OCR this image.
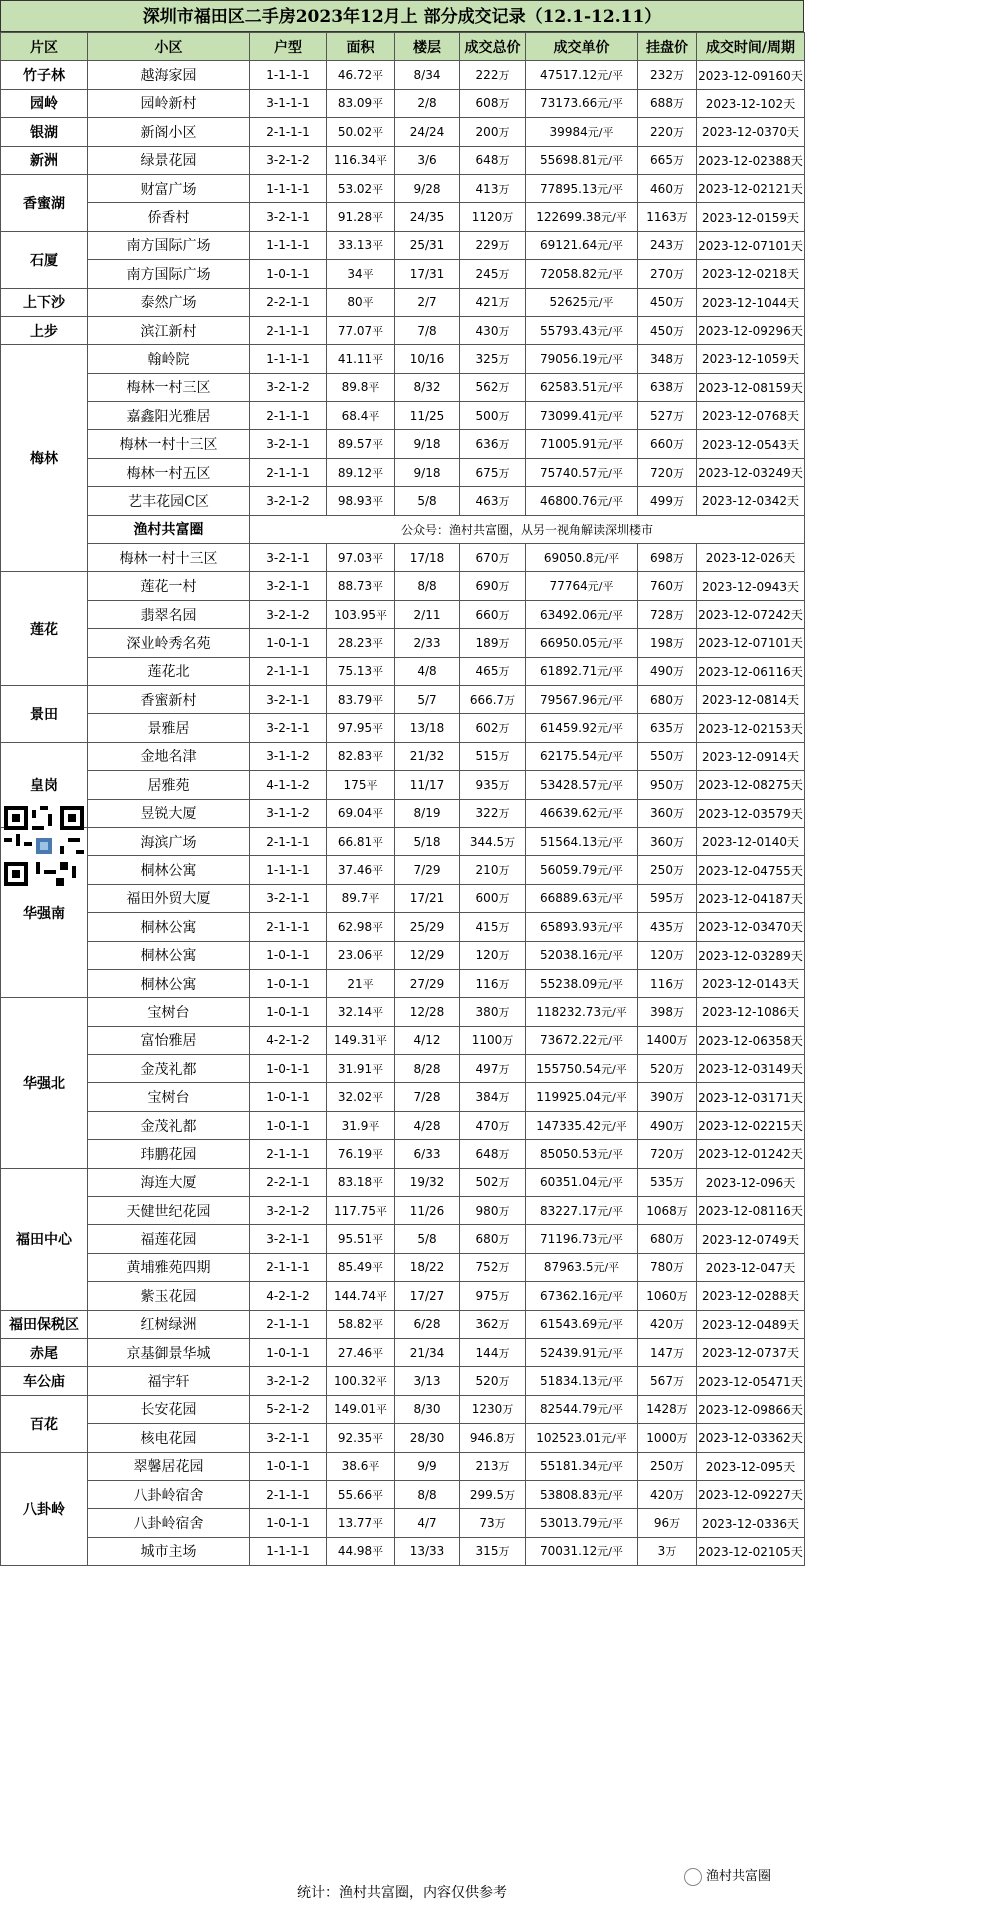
深圳市福田区二手房2023年12月上 部分成交记录（12.1-12.11）
片区	小区	户型	面积	楼层	成交总价	成交单价	挂盘价	成交时间/周期
竹子林	越海家园	1-1-1-1	46.72平	8/34	222万	47517.12元/平	232万	2023-12-09160天
园岭	园岭新村	3-1-1-1	83.09平	2/8	608万	73173.66元/平	688万	2023-12-102天
银湖	新阁小区	2-1-1-1	50.02平	24/24	200万	39984元/平	220万	2023-12-0370天
新洲	绿景花园	3-2-1-2	116.34平	3/6	648万	55698.81元/平	665万	2023-12-02388天
香蜜湖	财富广场	1-1-1-1	53.02平	9/28	413万	77895.13元/平	460万	2023-12-02121天
	侨香村	3-2-1-1	91.28平	24/35	1120万	122699.38元/平	1163万	2023-12-0159天
石厦	南方国际广场	1-1-1-1	33.13平	25/31	229万	69121.64元/平	243万	2023-12-07101天
	南方国际广场	1-0-1-1	34平	17/31	245万	72058.82元/平	270万	2023-12-0218天
上下沙	泰然广场	2-2-1-1	80平	2/7	421万	52625元/平	450万	2023-12-1044天
上步	滨江新村	2-1-1-1	77.07平	7/8	430万	55793.43元/平	450万	2023-12-09296天
梅林	翰岭院	1-1-1-1	41.11平	10/16	325万	79056.19元/平	348万	2023-12-1059天
	梅林一村三区	3-2-1-2	89.8平	8/32	562万	62583.51元/平	638万	2023-12-08159天
	嘉鑫阳光雅居	2-1-1-1	68.4平	11/25	500万	73099.41元/平	527万	2023-12-0768天
	梅林一村十三区	3-2-1-1	89.57平	9/18	636万	71005.91元/平	660万	2023-12-0543天
	梅林一村五区	2-1-1-1	89.12平	9/18	675万	75740.57元/平	720万	2023-12-03249天
	艺丰花园C区	3-2-1-2	98.93平	5/8	463万	46800.76元/平	499万	2023-12-0342天
	渔村共富圈	公众号：渔村共富圈，从另一视角解读深圳楼市						
	梅林一村十三区	3-2-1-1	97.03平	17/18	670万	69050.8元/平	698万	2023-12-026天
莲花	莲花一村	3-2-1-1	88.73平	8/8	690万	77764元/平	760万	2023-12-0943天
	翡翠名园	3-2-1-2	103.95平	2/11	660万	63492.06元/平	728万	2023-12-07242天
	深业岭秀名苑	1-0-1-1	28.23平	2/33	189万	66950.05元/平	198万	2023-12-07101天
	莲花北	2-1-1-1	75.13平	4/8	465万	61892.71元/平	490万	2023-12-06116天
景田	香蜜新村	3-2-1-1	83.79平	5/7	666.7万	79567.96元/平	680万	2023-12-0814天
	景雅居	3-2-1-1	97.95平	13/18	602万	61459.92元/平	635万	2023-12-02153天
皇岗	金地名津	3-1-1-2	82.83平	21/32	515万	62175.54元/平	550万	2023-12-0914天
	居雅苑	4-1-1-2	175平	11/17	935万	53428.57元/平	950万	2023-12-08275天
	昱锐大厦	3-1-1-2	69.04平	8/19	322万	46639.62元/平	360万	2023-12-03579天
华强南	海滨广场	2-1-1-1	66.81平	5/18	344.5万	51564.13元/平	360万	2023-12-0140天
	桐林公寓	1-1-1-1	37.46平	7/29	210万	56059.79元/平	250万	2023-12-04755天
	福田外贸大厦	3-2-1-1	89.7平	17/21	600万	66889.63元/平	595万	2023-12-04187天
	桐林公寓	2-1-1-1	62.98平	25/29	415万	65893.93元/平	435万	2023-12-03470天
	桐林公寓	1-0-1-1	23.06平	12/29	120万	52038.16元/平	120万	2023-12-03289天
	桐林公寓	1-0-1-1	21平	27/29	116万	55238.09元/平	116万	2023-12-0143天
华强北	宝树台	1-0-1-1	32.14平	12/28	380万	118232.73元/平	398万	2023-12-1086天
	富怡雅居	4-2-1-2	149.31平	4/12	1100万	73672.22元/平	1400万	2023-12-06358天
	金茂礼都	1-0-1-1	31.91平	8/28	497万	155750.54元/平	520万	2023-12-03149天
	宝树台	1-0-1-1	32.02平	7/28	384万	119925.04元/平	390万	2023-12-03171天
	金茂礼都	1-0-1-1	31.9平	4/28	470万	147335.42元/平	490万	2023-12-02215天
	玮鹏花园	2-1-1-1	76.19平	6/33	648万	85050.53元/平	720万	2023-12-01242天
福田中心	海连大厦	2-2-1-1	83.18平	19/32	502万	60351.04元/平	535万	2023-12-096天
	天健世纪花园	3-2-1-2	117.75平	11/26	980万	83227.17元/平	1068万	2023-12-08116天
	福莲花园	3-2-1-1	95.51平	5/8	680万	71196.73元/平	680万	2023-12-0749天
	黄埔雅苑四期	2-1-1-1	85.49平	18/22	752万	87963.5元/平	780万	2023-12-047天
	紫玉花园	4-2-1-2	144.74平	17/27	975万	67362.16元/平	1060万	2023-12-0288天
福田保税区	红树绿洲	2-1-1-1	58.82平	6/28	362万	61543.69元/平	420万	2023-12-0489天
赤尾	京基御景华城	1-0-1-1	27.46平	21/34	144万	52439.91元/平	147万	2023-12-0737天
车公庙	福宇轩	3-2-1-2	100.32平	3/13	520万	51834.13元/平	567万	2023-12-05471天
百花	长安花园	5-2-1-2	149.01平	8/30	1230万	82544.79元/平	1428万	2023-12-09866天
	核电花园	3-2-1-1	92.35平	28/30	946.8万	102523.01元/平	1000万	2023-12-03362天
八卦岭	翠馨居花园	1-0-1-1	38.6平	9/9	213万	55181.34元/平	250万	2023-12-095天
	八卦岭宿舍	2-1-1-1	55.66平	8/8	299.5万	53808.83元/平	420万	2023-12-09227天
	八卦岭宿舍	1-0-1-1	13.77平	4/7	73万	53013.79元/平	96万	2023-12-0336天
	城市主场	1-1-1-1	44.98平	13/33	315万	70031.12元/平	3万	2023-12-02105天
渔村共富圈
统计：渔村共富圈，内容仅供参考
